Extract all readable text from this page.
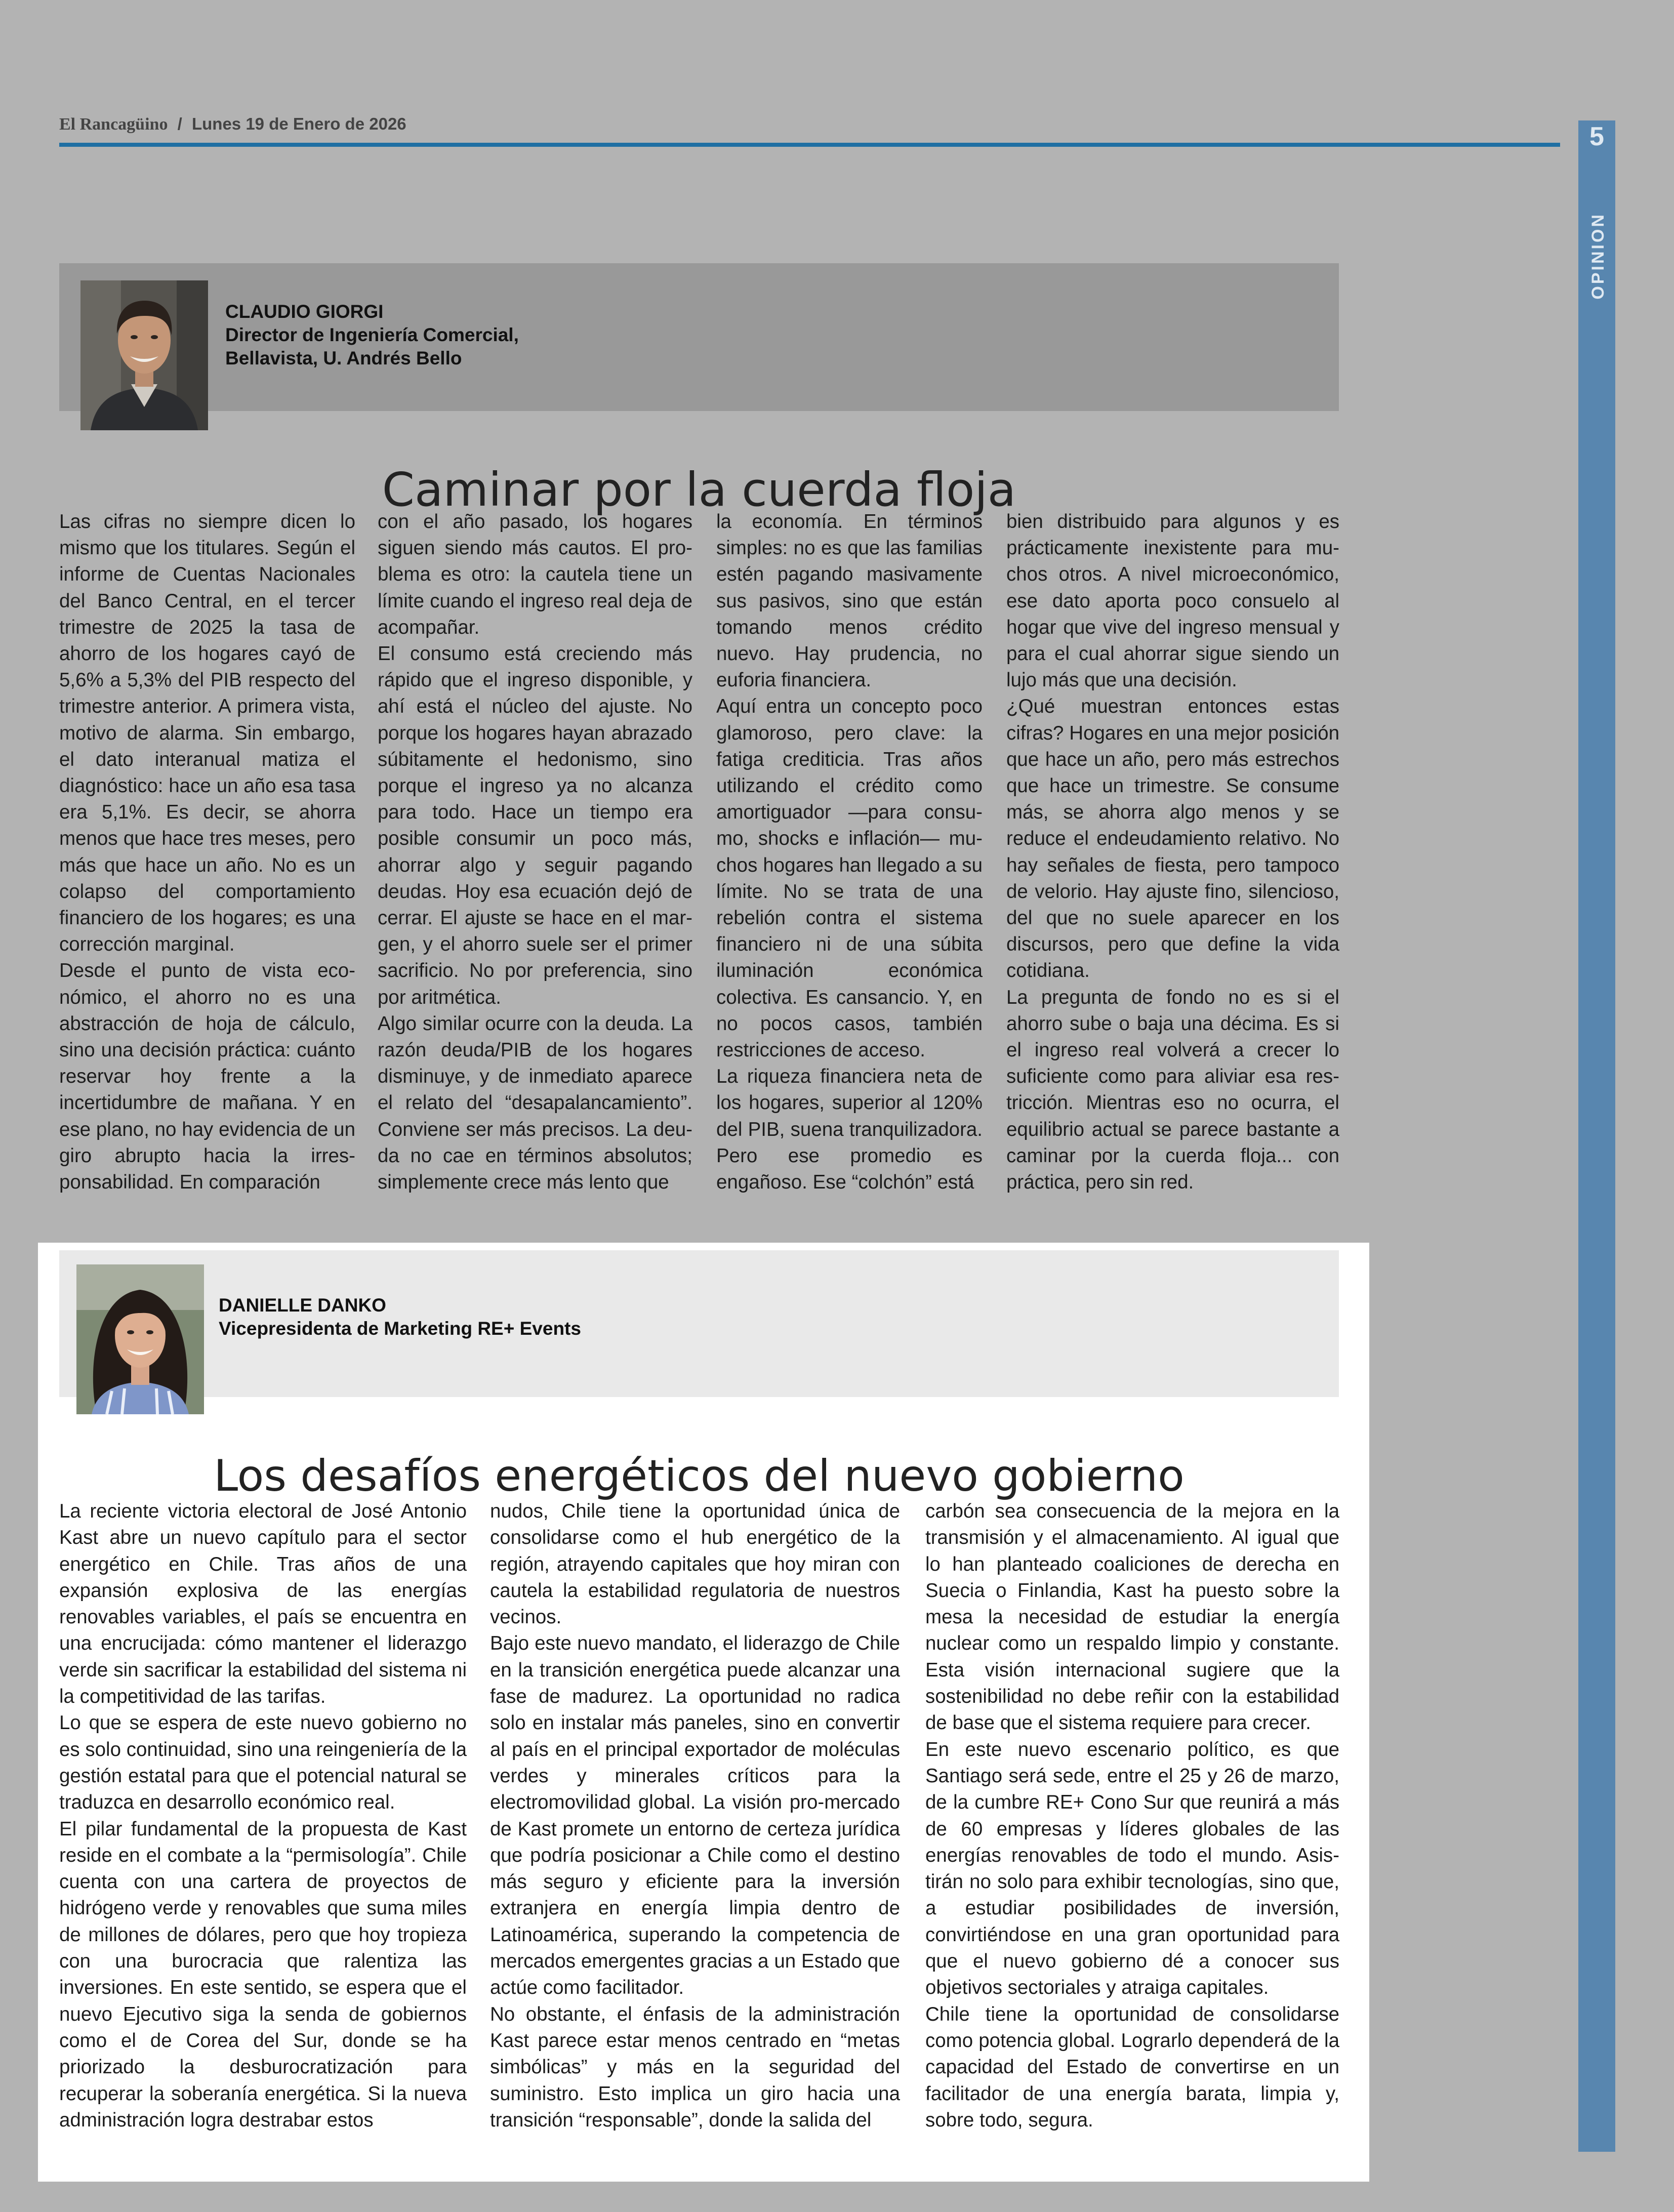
El Rancagüino / Lunes 19 de Enero de 2026	5
OPINION
CLAUDIO GIORGI
Director de Ingeniería Comercial,
Bellavista, U. Andrés Bello
Caminar por la cuerda floja

Las cifras no siempre dicen lo mismo que los titulares. Según el informe de Cuentas Nacionales del Banco Central, en el tercer trimestre de 2025 la tasa de ahorro de los hogares cayó de 5,6% a 5,3% del PIB respecto del trimestre anterior. A primera vista, motivo de alarma. Sin embargo, el dato interanual matiza el diagnóstico: hace un año esa tasa era 5,1%. Es decir, se ahorra menos que hace tres meses, pero más que hace un año. No es un colapso del comportamiento financiero de los hogares; es una corrección marginal.

Desde el punto de vista económico, el ahorro no es una abstracción de hoja de cálculo, sino una decisión práctica: cuánto reservar hoy frente a la incertidumbre de mañana. Y en ese plano, no hay evidencia de un giro abrupto hacia la irresponsabilidad. En comparación

con el año pasado, los hogares siguen siendo más cautos. El problema es otro: la cautela tiene un límite cuando el ingreso real deja de acompañar.

El consumo está creciendo más rápido que el ingreso disponible, y ahí está el núcleo del ajuste. No porque los hogares hayan abrazado súbitamente el hedonismo, sino porque el ingreso ya no alcanza para todo. Hace un tiempo era posible consumir un poco más, ahorrar algo y seguir pagando deudas. Hoy esa ecuación dejó de cerrar. El ajuste se hace en el margen, y el ahorro suele ser el primer sacrificio. No por preferencia, sino por aritmética.

Algo similar ocurre con la deuda. La razón deuda/PIB de los hogares disminuye, y de inmediato aparece el relato del “desapalancamiento”. Conviene ser más precisos. La deuda no cae en términos absolutos; simplemente crece más lento que

la economía. En términos simples: no es que las familias estén pagando masivamente sus pasivos, sino que están tomando menos crédito nuevo. Hay prudencia, no euforia financiera.

Aquí entra un concepto poco glamoroso, pero clave: la fatiga crediticia. Tras años utilizando el crédito como amortiguador —para consumo, shocks e inflación— muchos hogares han llegado a su límite. No se trata de una rebelión contra el sistema financiero ni de una súbita iluminación económica colectiva. Es cansancio. Y, en no pocos casos, también restricciones de acceso.

La riqueza financiera neta de los hogares, superior al 120% del PIB, suena tranquilizadora. Pero ese promedio es engañoso. Ese “colchón” está

bien distribuido para algunos y es prácticamente inexistente para muchos otros. A nivel microeconómico, ese dato aporta poco consuelo al hogar que vive del ingreso mensual y para el cual ahorrar sigue siendo un lujo más que una decisión.

¿Qué muestran entonces estas cifras? Hogares en una mejor posición que hace un año, pero más estrechos que hace un trimestre. Se consume más, se ahorra algo menos y se reduce el endeudamiento relativo. No hay señales de fiesta, pero tampoco de velorio. Hay ajuste fino, silencioso, del que no suele aparecer en los discursos, pero que define la vida cotidiana.

La pregunta de fondo no es si el ahorro sube o baja una décima. Es si el ingreso real volverá a crecer lo suficiente como para aliviar esa restricción. Mientras eso no ocurra, el equilibrio actual se parece bastante a caminar por la cuerda floja... con práctica, pero sin red.

DANIELLE DANKO
Vicepresidenta de Marketing RE+ Events
Los desafíos energéticos del nuevo gobierno

La reciente victoria electoral de José Antonio Kast abre un nuevo capítulo para el sector energético en Chile. Tras años de una expansión explosiva de las energías renovables variables, el país se encuentra en una encrucijada: cómo mantener el liderazgo verde sin sacrificar la estabilidad del sistema ni la competitividad de las tarifas.

Lo que se espera de este nuevo gobierno no es solo continuidad, sino una reingeniería de la gestión estatal para que el potencial natural se traduzca en desarrollo económico real.

El pilar fundamental de la propuesta de Kast reside en el combate a la “permisología”. Chile cuenta con una cartera de proyectos de hidrógeno verde y renovables que suma miles de millones de dólares, pero que hoy tropieza con una burocracia que ralentiza las inversiones. En este sentido, se espera que el nuevo Ejecutivo siga la senda de gobiernos como el de Corea del Sur, donde se ha priorizado la desburocratización para recuperar la soberanía energética. Si la nueva administración logra destrabar estos

nudos, Chile tiene la oportunidad única de consolidarse como el hub energético de la región, atrayendo capitales que hoy miran con cautela la estabilidad regulatoria de nuestros vecinos.

Bajo este nuevo mandato, el liderazgo de Chile en la transición energética puede alcanzar una fase de madurez. La oportunidad no radica solo en instalar más paneles, sino en convertir al país en el principal exportador de moléculas verdes y minerales críticos para la electromovilidad global. La visión pro-mercado de Kast promete un entorno de certeza jurídica que podría posicionar a Chile como el destino más seguro y eficiente para la inversión extranjera en energía limpia dentro de Latinoamérica, superando la competencia de mercados emergentes gracias a un Estado que actúe como facilitador.

No obstante, el énfasis de la administración Kast parece estar menos centrado en “metas simbólicas” y más en la seguridad del suministro. Esto implica un giro hacia una transición “responsable”, donde la salida del

carbón sea consecuencia de la mejora en la transmisión y el almacenamiento. Al igual que lo han planteado coaliciones de derecha en Suecia o Finlandia, Kast ha puesto sobre la mesa la necesidad de estudiar la energía nuclear como un respaldo limpio y constante. Esta visión internacional sugiere que la sostenibilidad no debe reñir con la estabilidad de base que el sistema requiere para crecer.

En este nuevo escenario político, es que Santiago será sede, entre el 25 y 26 de marzo, de la cumbre RE+ Cono Sur que reunirá a más de 60 empresas y líderes globales de las energías renovables de todo el mundo. Asistirán no solo para exhibir tecnologías, sino que, a estudiar posibilidades de inversión, convirtiéndose en una gran oportunidad para que el nuevo gobierno dé a conocer sus objetivos sectoriales y atraiga capitales.

Chile tiene la oportunidad de consolidarse como potencia global. Lograrlo dependerá de la capacidad del Estado de convertirse en un facilitador de una energía barata, limpia y, sobre todo, segura.
